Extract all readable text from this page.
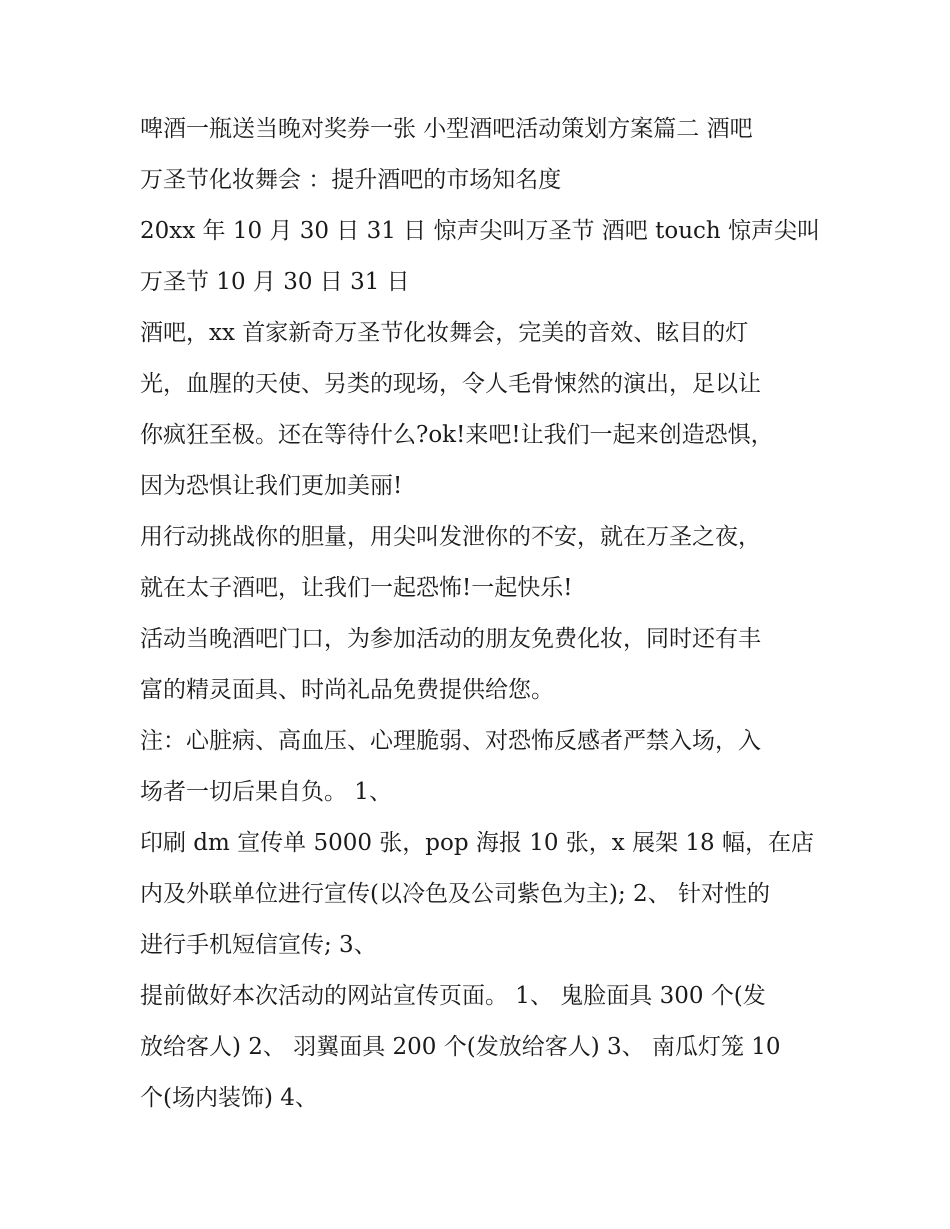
啤酒一瓶送当晚对奖券一张 小型酒吧活动策划方案篇二 酒吧
万圣节化妆舞会 ：提升酒吧的市场知名度
20xx 年 10 月 30 日 31 日 惊声尖叫万圣节 酒吧 touch 惊声尖叫
万圣节 10 月 30 日 31 日
酒吧，xx 首家新奇万圣节化妆舞会，完美的音效、眩目的灯
光，血腥的天使、另类的现场，令人毛骨悚然的演出，足以让
你疯狂至极。还在等待什么?ok!来吧!让我们一起来创造恐惧，
因为恐惧让我们更加美丽!
用行动挑战你的胆量，用尖叫发泄你的不安，就在万圣之夜，
就在太子酒吧，让我们一起恐怖!一起快乐!
活动当晚酒吧门口，为参加活动的朋友免费化妆，同时还有丰
富的精灵面具、时尚礼品免费提供给您。
注：心脏病、高血压、心理脆弱、对恐怖反感者严禁入场，入
场者一切后果自负。 1、
印刷 dm 宣传单 5000 张，pop 海报 10 张，x 展架 18 幅，在店
内及外联单位进行宣传(以冷色及公司紫色为主); 2、 针对性的
进行手机短信宣传; 3、
提前做好本次活动的网站宣传页面。 1、 鬼脸面具 300 个(发
放给客人) 2、 羽翼面具 200 个(发放给客人) 3、 南瓜灯笼 10
个(场内装饰) 4、
